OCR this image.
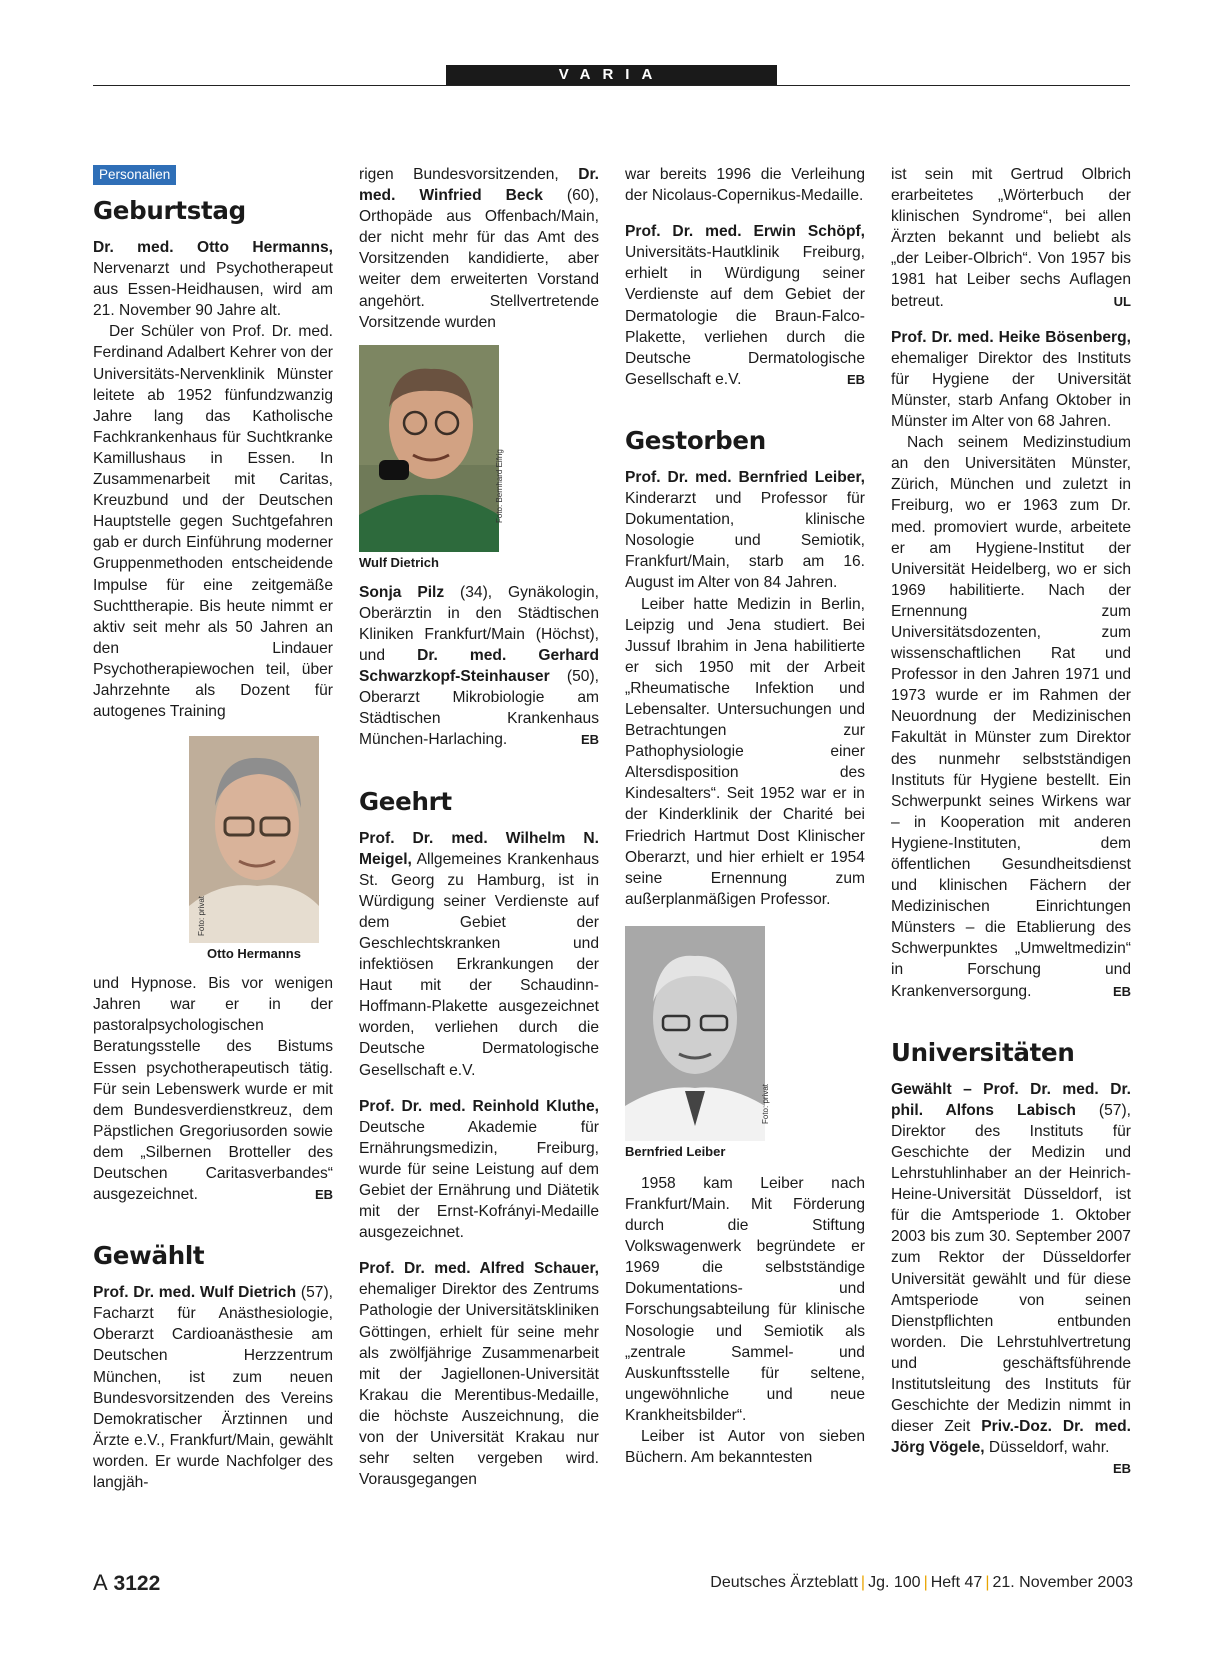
VARIA
Personalien
Geburtstag

Dr. med. Otto Hermanns, Nervenarzt und Psychotherapeut aus Essen-Heidhausen, wird am 21. November 90 Jahre alt.

Der Schüler von Prof. Dr. med. Ferdinand Adalbert Kehrer von der Universitäts-Nervenklinik Münster leitete ab 1952 fünfundzwanzig Jahre lang das Katholische Fachkrankenhaus für Suchtkranke Kamillushaus in Essen. In Zusammenarbeit mit Caritas, Kreuzbund und der Deutschen Hauptstelle gegen Suchtgefahren gab er durch Einführung moderner Gruppenmethoden entscheidende Impulse für eine zeitgemäße Suchttherapie. Bis heute nimmt er aktiv seit mehr als 50 Jahren an den Lindauer Psychotherapiewochen teil, über Jahrzehnte als Dozent für autogenes Training

Foto: privat
Otto Hermanns

und Hypnose. Bis vor wenigen Jahren war er in der pastoralpsychologischen Beratungsstelle des Bistums Essen psychotherapeutisch tätig. Für sein Lebenswerk wurde er mit dem Bundesverdienstkreuz, dem Päpstlichen Gregoriusorden sowie dem „Silbernen Brotteller des Deutschen Caritasverbandes“ ausgezeichnet.	EB

Gewählt

Prof. Dr. med. Wulf Dietrich (57), Facharzt für Anästhesiologie, Oberarzt Cardioanästhesie am Deutschen Herzzentrum München, ist zum neuen Bundesvorsitzenden des Vereins Demokratischer Ärztinnen und Ärzte e.V., Frankfurt/Main, gewählt worden. Er wurde Nachfolger des langjäh-

rigen Bundesvorsitzenden, Dr. med. Winfried Beck (60), Orthopäde aus Offenbach/Main, der nicht mehr für das Amt des Vorsitzenden kandidierte, aber weiter dem erweiterten Vorstand angehört. Stellvertretende Vorsitzende wurden

Foto: Bernhard Eifrig
Wulf Dietrich

Sonja Pilz (34), Gynäkologin, Oberärztin in den Städtischen Kliniken Frankfurt/Main (Höchst), und Dr. med. Gerhard Schwarzkopf-Steinhauser (50), Oberarzt Mikrobiologie am Städtischen Krankenhaus München-Harlaching.	EB

Geehrt

Prof. Dr. med. Wilhelm N. Meigel, Allgemeines Krankenhaus St. Georg zu Hamburg, ist in Würdigung seiner Verdienste auf dem Gebiet der Geschlechtskranken und infektiösen Erkrankungen der Haut mit der Schaudinn-Hoffmann-Plakette ausgezeichnet worden, verliehen durch die Deutsche Dermatologische Gesellschaft e.V.

Prof. Dr. med. Reinhold Kluthe, Deutsche Akademie für Ernährungsmedizin, Freiburg, wurde für seine Leistung auf dem Gebiet der Ernährung und Diätetik mit der Ernst-Kofrányi-Medaille ausgezeichnet.

Prof. Dr. med. Alfred Schauer, ehemaliger Direktor des Zentrums Pathologie der Universitätskliniken Göttingen, erhielt für seine mehr als zwölfjährige Zusammenarbeit mit der Jagiellonen-Universität Krakau die Merentibus-Medaille, die höchste Auszeichnung, die von der Universität Krakau nur sehr selten vergeben wird. Vorausgegangen

war bereits 1996 die Verleihung der Nicolaus-Copernikus-Medaille.

Prof. Dr. med. Erwin Schöpf, Universitäts-Hautklinik Freiburg, erhielt in Würdigung seiner Verdienste auf dem Gebiet der Dermatologie die Braun-Falco-Plakette, verliehen durch die Deutsche Dermatologische Gesellschaft e.V.	EB

Gestorben

Prof. Dr. med. Bernfried Leiber, Kinderarzt und Professor für Dokumentation, klinische Nosologie und Semiotik, Frankfurt/Main, starb am 16. August im Alter von 84 Jahren.

Leiber hatte Medizin in Berlin, Leipzig und Jena studiert. Bei Jussuf Ibrahim in Jena habilitierte er sich 1950 mit der Arbeit „Rheumatische Infektion und Lebensalter. Untersuchungen und Betrachtungen zur Pathophysiologie einer Altersdisposition des Kindesalters“. Seit 1952 war er in der Kinderklinik der Charité bei Friedrich Hartmut Dost Klinischer Oberarzt, und hier erhielt er 1954 seine Ernennung zum außerplanmäßigen Professor.

Foto: privat
Bernfried Leiber

1958 kam Leiber nach Frankfurt/Main. Mit Förderung durch die Stiftung Volkswagenwerk begründete er 1969 die selbstständige Dokumentations- und Forschungsabteilung für klinische Nosologie und Semiotik als „zentrale Sammel- und Auskunftsstelle für seltene, ungewöhnliche und neue Krankheitsbilder“.

Leiber ist Autor von sieben Büchern. Am bekanntesten

ist sein mit Gertrud Olbrich erarbeitetes „Wörterbuch der klinischen Syndrome“, bei allen Ärzten bekannt und beliebt als „der Leiber-Olbrich“. Von 1957 bis 1981 hat Leiber sechs Auflagen betreut.	UL

Prof. Dr. med. Heike Bösenberg, ehemaliger Direktor des Instituts für Hygiene der Universität Münster, starb Anfang Oktober in Münster im Alter von 68 Jahren.

Nach seinem Medizinstudium an den Universitäten Münster, Zürich, München und zuletzt in Freiburg, wo er 1963 zum Dr. med. promoviert wurde, arbeitete er am Hygiene-Institut der Universität Heidelberg, wo er sich 1969 habilitierte. Nach der Ernennung zum Universitätsdozenten, zum wissenschaftlichen Rat und Professor in den Jahren 1971 und 1973 wurde er im Rahmen der Neuordnung der Medizinischen Fakultät in Münster zum Direktor des nunmehr selbstständigen Instituts für Hygiene bestellt. Ein Schwerpunkt seines Wirkens war – in Kooperation mit anderen Hygiene-Instituten, dem öffentlichen Gesundheitsdienst und klinischen Fächern der Medizinischen Einrichtungen Münsters – die Etablierung des Schwerpunktes „Umweltmedizin“ in Forschung und Krankenversorgung.	EB

Universitäten

Gewählt – Prof. Dr. med. Dr. phil. Alfons Labisch (57), Direktor des Instituts für Geschichte der Medizin und Lehrstuhlinhaber an der Heinrich-Heine-Universität Düsseldorf, ist für die Amtsperiode 1. Oktober 2003 bis zum 30. September 2007 zum Rektor der Düsseldorfer Universität gewählt und für diese Amtsperiode von seinen Dienstpflichten entbunden worden. Die Lehrstuhlvertretung und geschäftsführende Institutsleitung des Instituts für Geschichte der Medizin nimmt in dieser Zeit Priv.-Doz. Dr. med. Jörg Vögele, Düsseldorf, wahr.
EB

A 3122	Deutsches Ärzteblatt | Jg. 100 | Heft 47 | 21. November 2003
